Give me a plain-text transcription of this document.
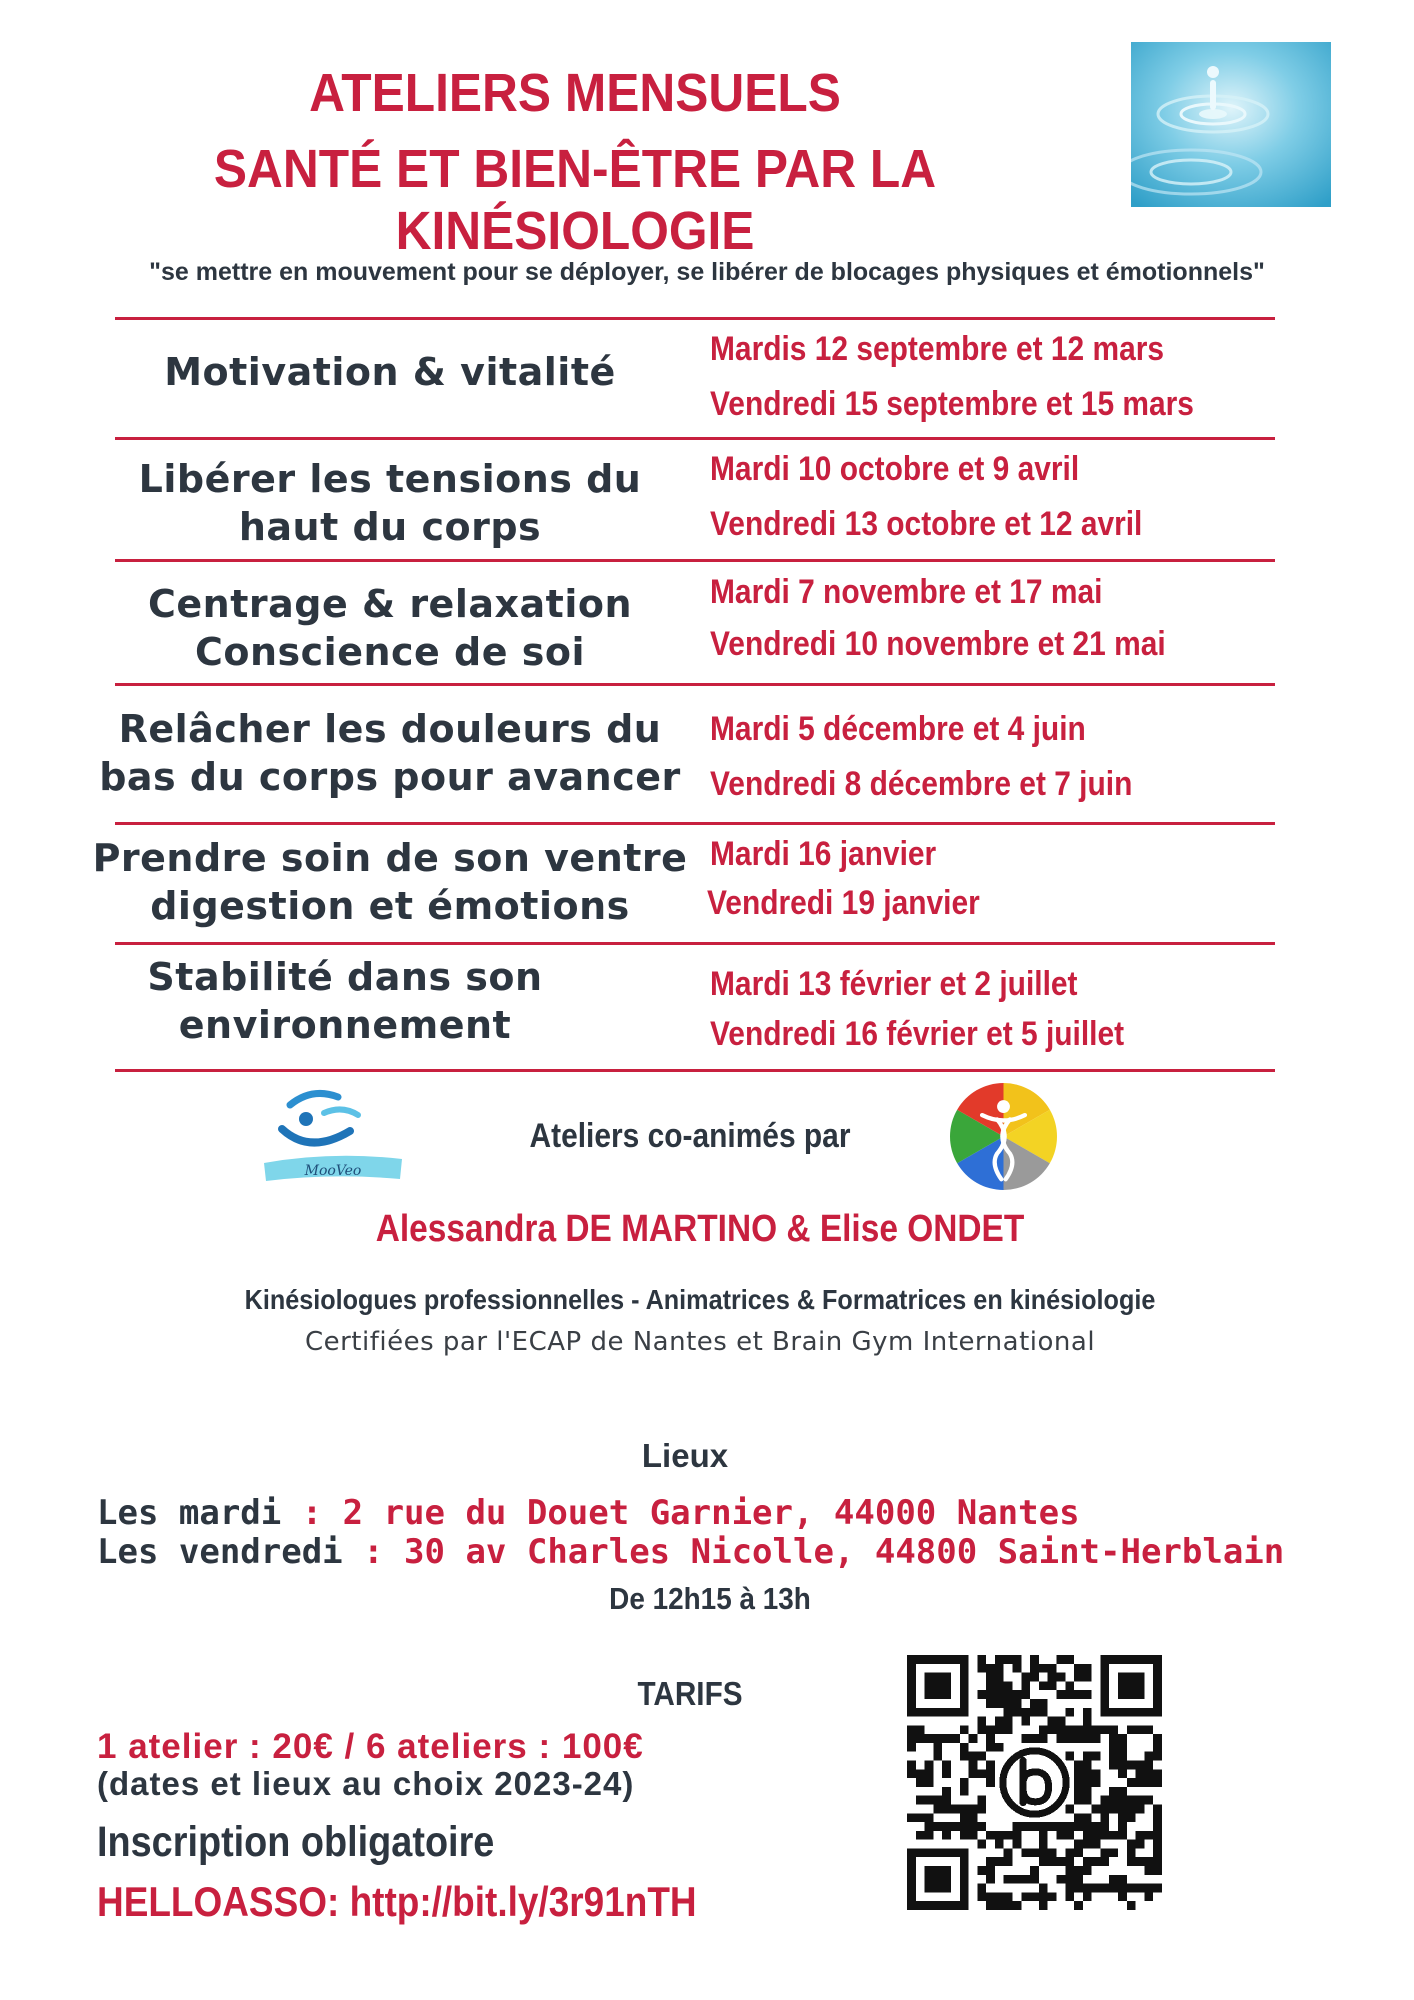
ATELIERS MENSUELS
SANTÉ ET BIEN-ÊTRE PAR LA KINÉSIOLOGIE
"se mettre en mouvement pour se déployer, se libérer de blocages physiques et émotionnels"
Motivation & vitalité
Mardis 12 septembre et 12 mars
Vendredi 15 septembre et 15 mars
Libérer les tensions du
haut du corps
Mardi 10 octobre et 9 avril
Vendredi 13 octobre et 12 avril
Centrage & relaxation
Conscience de soi
Mardi 7 novembre et 17 mai
Vendredi 10 novembre et 21 mai
Relâcher les douleurs du
bas du corps pour avancer
Mardi 5 décembre et 4 juin
Vendredi 8 décembre et 7 juin
Prendre soin de son ventre
digestion et émotions
Mardi 16 janvier
Vendredi 19 janvier
Stabilité dans son
environnement
Mardi 13 février et 2 juillet
Vendredi 16 février et 5 juillet
MooVeo
Ateliers co-animés par
Alessandra DE MARTINO & Elise ONDET
Kinésiologues professionnelles - Animatrices & Formatrices en kinésiologie
Certifiées par l'ECAP de Nantes et Brain Gym International
Lieux
Les mardi : 2 rue du Douet Garnier, 44000 Nantes
Les vendredi : 30 av Charles Nicolle, 44800 Saint-Herblain
De 12h15 à 13h
TARIFS
1 atelier : 20€ / 6 ateliers : 100€
(dates et lieux au choix 2023-24)
Inscription obligatoire
HELLOASSO: http://bit.ly/3r91nTH
